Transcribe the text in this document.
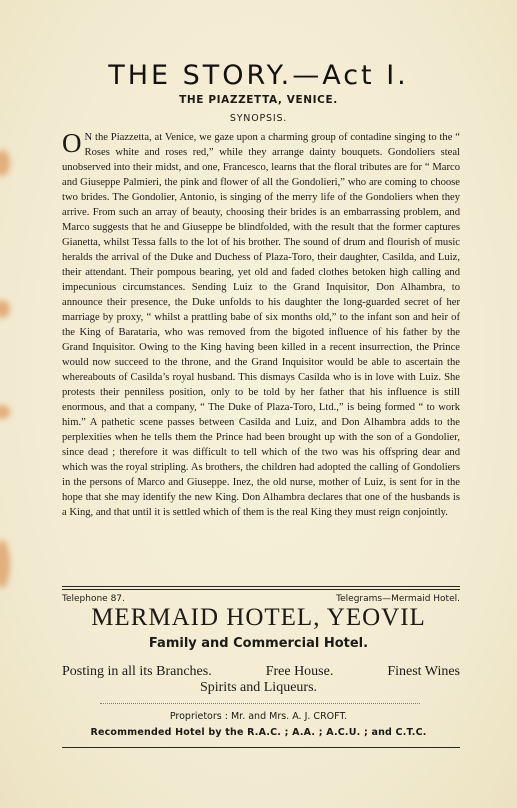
THE STORY.—Act I.
THE PIAZZETTA, VENICE.
SYNOPSIS.
O N the Piazzetta, at Venice, we gaze upon a charming group of contadine singing to the “ Roses white and roses red,” while they arrange dainty bouquets. Gondoliers steal unobserved into their midst, and one, Francesco, learns that the floral tributes are for “ Marco and Giuseppe Palmieri, the pink and flower of all the Gondolieri,” who are coming to choose two brides. The Gondolier, Antonio, is singing of the merry life of the Gondoliers when they arrive. From such an array of beauty, choosing their brides is an embarrassing problem, and Marco suggests that he and Giuseppe be blindfolded, with the result that the former captures Gianetta, whilst Tessa falls to the lot of his brother. The sound of drum and flourish of music heralds the arrival of the Duke and Duchess of Plaza-Toro, their daughter, Casilda, and Luiz, their attendant. Their pompous bearing, yet old and faded clothes betoken high calling and impecunious circumstances. Sending Luiz to the Grand Inquisitor, Don Alhambra, to announce their presence, the Duke unfolds to his daughter the long-guarded secret of her marriage by proxy, “ whilst a prattling babe of six months old,” to the infant son and heir of the King of Barataria, who was removed from the bigoted influence of his father by the Grand Inquisitor. Owing to the King having been killed in a recent insurrection, the Prince would now succeed to the throne, and the Grand Inquisitor would be able to ascertain the whereabouts of Casilda’s royal husband. This dismays Casilda who is in love with Luiz. She protests their penniless position, only to be told by her father that his influence is still enormous, and that a company, “ The Duke of Plaza-Toro, Ltd.,” is being formed “ to work him.” A pathetic scene passes between Casilda and Luiz, and Don Alhambra adds to the perplexities when he tells them the Prince had been brought up with the son of a Gondolier, since dead ; therefore it was difficult to tell which of the two was his offspring dear and which was the royal stripling. As brothers, the children had adopted the calling of Gondoliers in the persons of Marco and Giuseppe. Inez, the old nurse, mother of Luiz, is sent for in the hope that she may identify the new King. Don Alhambra declares that one of the husbands is a King, and that until it is settled which of them is the real King they must reign conjointly.
Telephone 87.	Telegrams—Mermaid Hotel.
MERMAID HOTEL, YEOVIL
Family and Commercial Hotel.
Posting in all its Branches.	Free House.	Finest Wines
Spirits and Liqueurs.
Proprietors : Mr. and Mrs. A. J. CROFT.
Recommended Hotel by the R.A.C. ; A.A. ; A.C.U. ; and C.T.C.
